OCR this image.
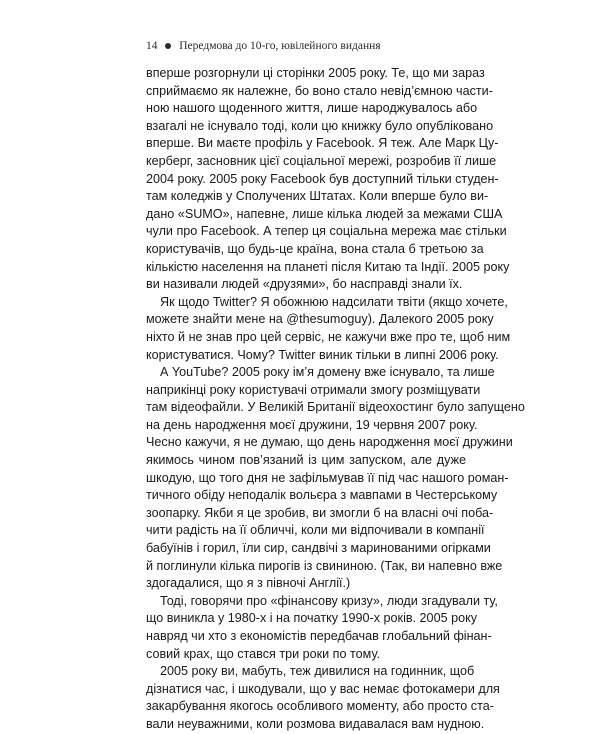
14 Передмова до 10-го, ювілейного видання
вперше розгорнули ці сторінки 2005 року. Те, що ми зараз
сприймаємо як належне, бо воно стало невід’ємною части-
ною нашого щоденного життя, лише народжувалось або
взагалі не існувало тоді, коли цю книжку було опубліковано
вперше. Ви маєте профіль у Facebook. Я теж. Але Марк Цу-
керберг, засновник цієї соціальної мережі, розробив її лише
2004 року. 2005 року Facebook був доступний тільки студен-
там коледжів у Сполучених Штатах. Коли вперше було ви-
дано «SUMO», напевне, лише кілька людей за межами США
чули про Facebook. А тепер ця соціальна мережа має стільки
користувачів, що будь-це країна, вона стала б третьою за
кількістю населення на планеті після Китаю та Індії. 2005 року
ви називали людей «друзями», бо насправді знали їх.
Як щодо Twitter? Я обожнюю надсилати твіти (якщо хочете,
можете знайти мене на @thesumoguy). Далекого 2005 року
ніхто й не знав про цей сервіс, не кажучи вже про те, щоб ним
користуватися. Чому? Twitter виник тільки в липні 2006 року.
А YouTube? 2005 року ім’я домену вже існувало, та лише
наприкінці року користувачі отримали змогу розміщувати
там відеофайли. У Великій Британії відеохостинг було запущено
на день народження моєї дружини, 19 червня 2007 року.
Чесно кажучи, я не думаю, що день народження моєї дружини
якимось чином пов’язаний із цим запуском, але дуже
шкодую, що того дня не зафільмував її під час нашого роман-
тичного обіду неподалік вольєра з мавпами в Честерському
зоопарку. Якби я це зробив, ви змогли б на власні очі поба-
чити радість на її обличчі, коли ми відпочивали в компанії
бабуїнів і горил, їли сир, сандвічі з маринованими огірками
й поглинули кілька пирогів із свининою. (Так, ви напевно вже
здогадалися, що я з півночі Англії.)
Тоді, говорячи про «фінансову кризу», люди згадували ту,
що виникла у 1980-х і на початку 1990-х років. 2005 року
навряд чи хто з економістів передбачав глобальний фінан-
совий крах, що стався три роки по тому.
2005 року ви, мабуть, теж дивилися на годинник, щоб
дізнатися час, і шкодували, що у вас немає фотокамери для
закарбування якогось особливого моменту, або просто ста-
вали неуважними, коли розмова видавалася вам нудною.
